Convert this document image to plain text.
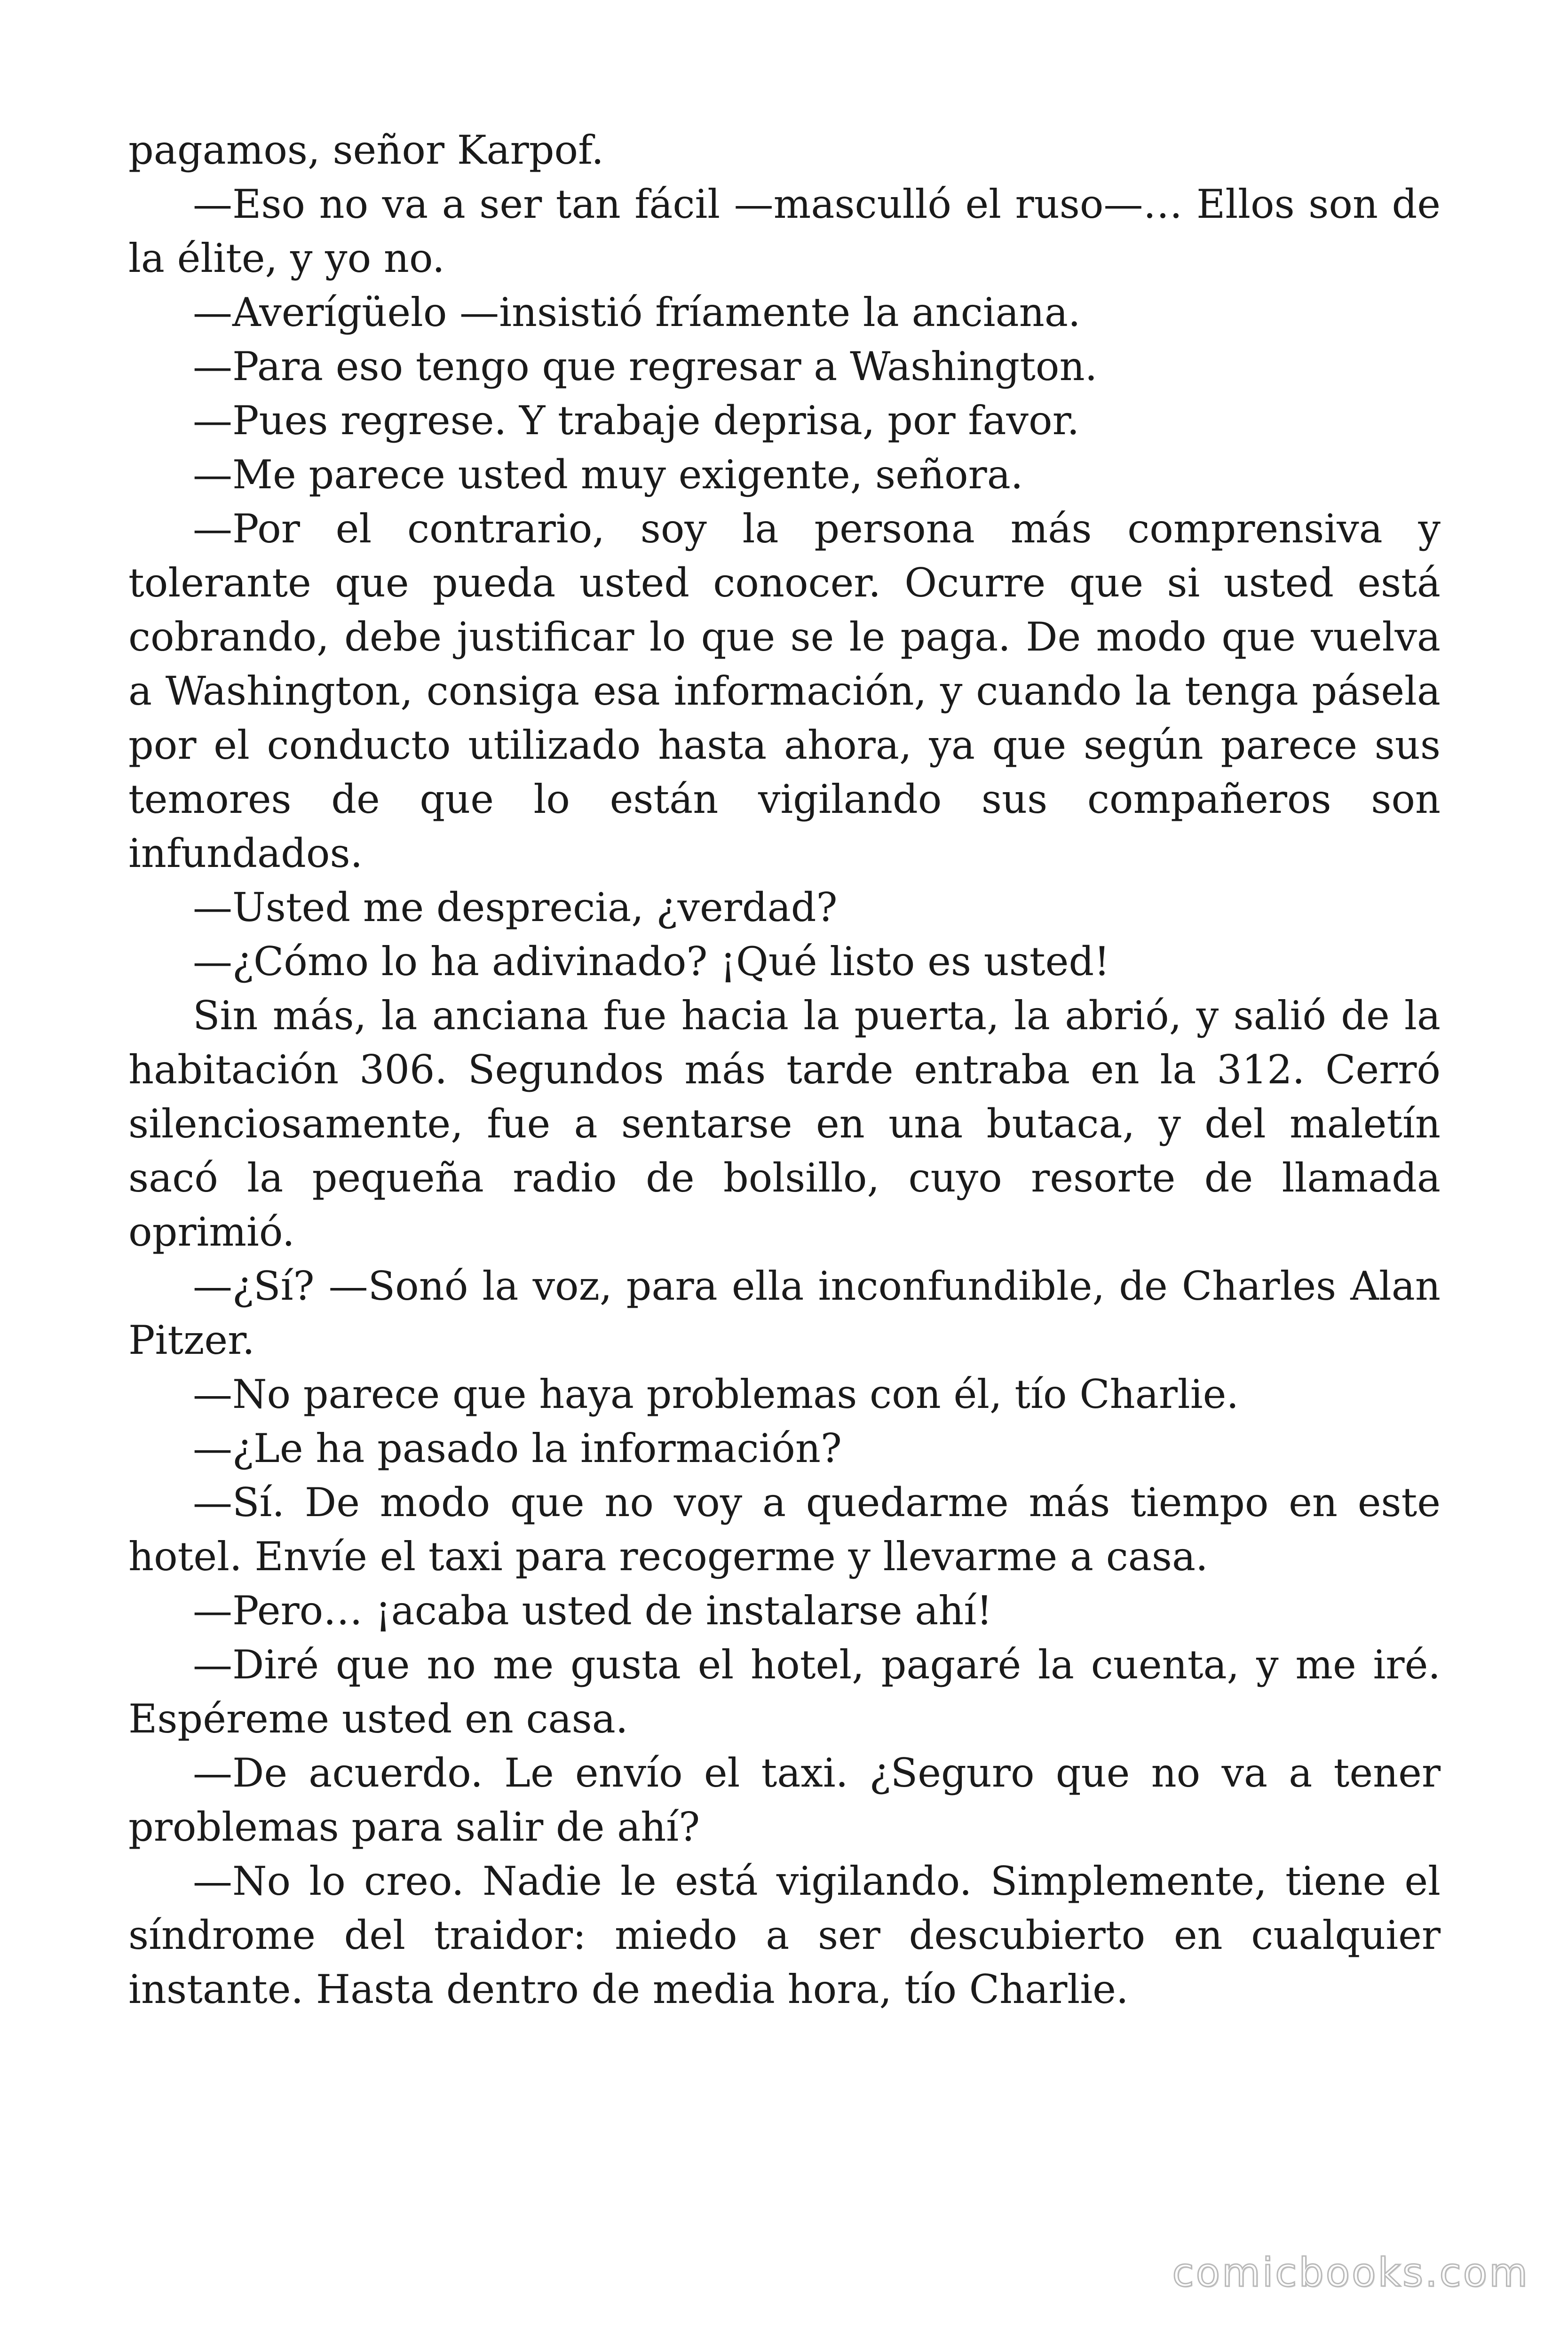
pagamos, señor Karpof.

—Eso no va a ser tan fácil —masculló el ruso—… Ellos son de la élite, y yo no.

—Averígüelo —insistió fríamente la anciana.

—Para eso tengo que regresar a Washington.

—Pues regrese. Y trabaje deprisa, por favor.

—Me parece usted muy exigente, señora.

—Por el contrario, soy la persona más comprensiva y tolerante que pueda usted conocer. Ocurre que si usted está cobrando, debe justificar lo que se le paga. De modo que vuelva a Washington, consiga esa información, y cuando la tenga pásela por el conducto utilizado hasta ahora, ya que según parece sus temores de que lo están vigilando sus compañeros son infundados.

—Usted me desprecia, ¿verdad?

—¿Cómo lo ha adivinado? ¡Qué listo es usted!

Sin más, la anciana fue hacia la puerta, la abrió, y salió de la habitación 306. Segundos más tarde entraba en la 312. Cerró silenciosamente, fue a sentarse en una butaca, y del maletín sacó la pequeña radio de bolsillo, cuyo resorte de llamada oprimió.

—¿Sí? —Sonó la voz, para ella inconfundible, de Charles Alan Pitzer.

—No parece que haya problemas con él, tío Charlie.

—¿Le ha pasado la información?

—Sí. De modo que no voy a quedarme más tiempo en este hotel. Envíe el taxi para recogerme y llevarme a casa.

—Pero… ¡acaba usted de instalarse ahí!

—Diré que no me gusta el hotel, pagaré la cuenta, y me iré. Espéreme usted en casa.

—De acuerdo. Le envío el taxi. ¿Seguro que no va a tener problemas para salir de ahí?

—No lo creo. Nadie le está vigilando. Simplemente, tiene el síndrome del traidor: miedo a ser descubierto en cualquier instante. Hasta dentro de media hora, tío Charlie.

comicbooks.com
